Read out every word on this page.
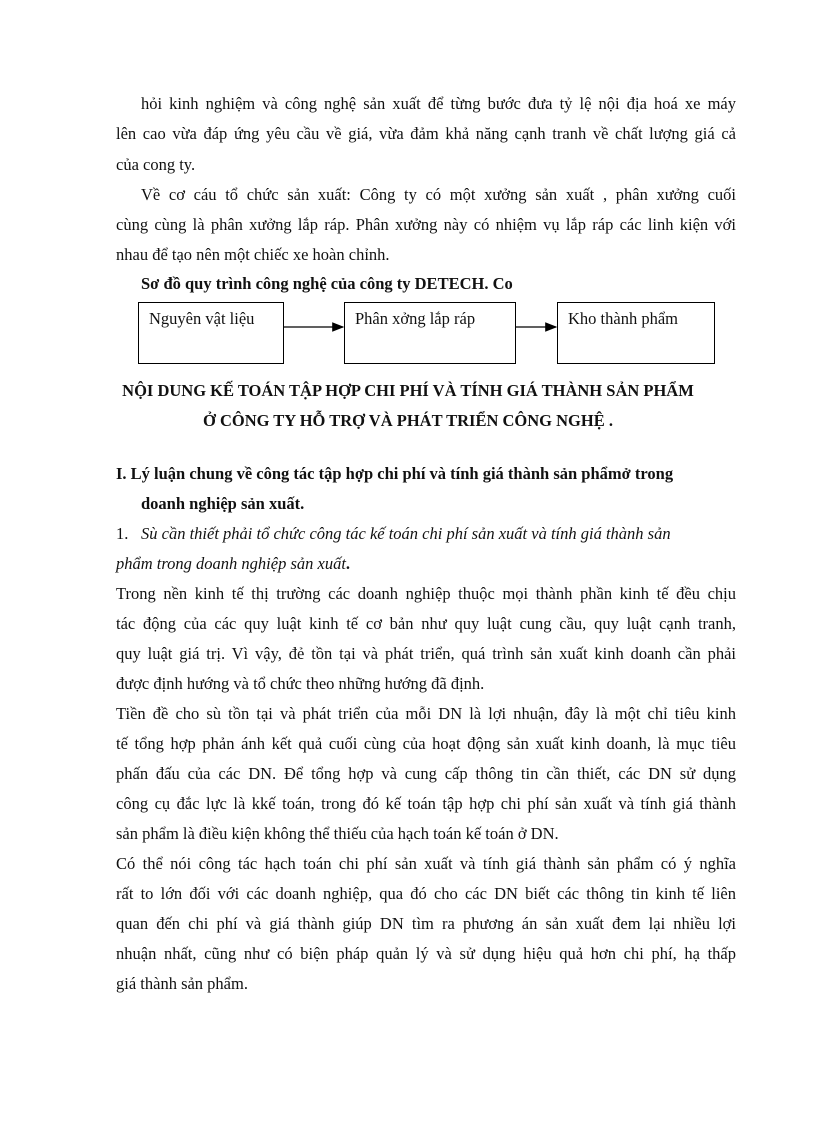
hỏi kinh nghiệm và công nghệ sản xuất để từng bước đưa tỷ lệ nội địa hoá xe máy
lên cao vừa đáp ứng yêu cầu về giá, vừa đảm khả năng cạnh tranh về chất lượng giá cả
của cong ty.
Về cơ cáu tổ chức sản xuất: Công ty có một xưởng sản xuất , phân xưởng cuối
cùng cùng là phân xưởng lắp ráp. Phân xưởng này có nhiệm vụ lắp ráp các linh kiện với
nhau để tạo nên một chiếc xe hoàn chỉnh.
Sơ đồ quy trình công nghệ của công ty DETECH. Co
Nguyên vật liệu	Phân xởng lắp ráp	Kho thành phẩm
NỘI DUNG KẾ TOÁN TẬP HỢP CHI PHÍ VÀ TÍNH GIÁ THÀNH SẢN PHẨM
Ở CÔNG TY HỖ TRỢ VÀ PHÁT TRIỂN CÔNG NGHỆ .
I. Lý luận chung về công tác tập hợp chi phí và tính giá thành sản phẩmở trong
doanh nghiệp sản xuất.
1. Sù cần thiết phải tổ chức công tác kế toán chi phí sản xuất và tính giá thành sản
phẩm trong doanh nghiệp sản xuất.
Trong nền kinh tế thị trường các doanh nghiệp thuộc mọi thành phần kinh tế đều chịu
tác động của các quy luật kinh tế cơ bản như quy luật cung cầu, quy luật cạnh tranh,
quy luật giá trị. Vì vậy, đẻ tồn tại và phát triển, quá trình sản xuất kinh doanh cần phải
được định hướng và tổ chức theo những hướng đã định.
Tiền đề cho sù tồn tại và phát triển của mỗi DN là lợi nhuận, đây là một chỉ tiêu kinh
tế tổng hợp phản ánh kết quả cuối cùng của hoạt động sản xuất kinh doanh, là mục tiêu
phấn đấu của các DN. Để tổng hợp và cung cấp thông tin cần thiết, các DN sử dụng
công cụ đắc lực là kkế toán, trong đó kế toán tập hợp chi phí sản xuất và tính giá thành
sản phẩm là điều kiện không thể thiếu của hạch toán kế toán ở DN.
Có thể nói công tác hạch toán chi phí sản xuất và tính giá thành sản phẩm có ý nghĩa
rất to lớn đối với các doanh nghiệp, qua đó cho các DN biết các thông tin kinh tế liên
quan đến chi phí và giá thành giúp DN tìm ra phương án sản xuất đem lại nhiều lợi
nhuận nhất, cũng như có biện pháp quản lý và sử dụng hiệu quả hơn chi phí, hạ thấp
giá thành sản phẩm.
